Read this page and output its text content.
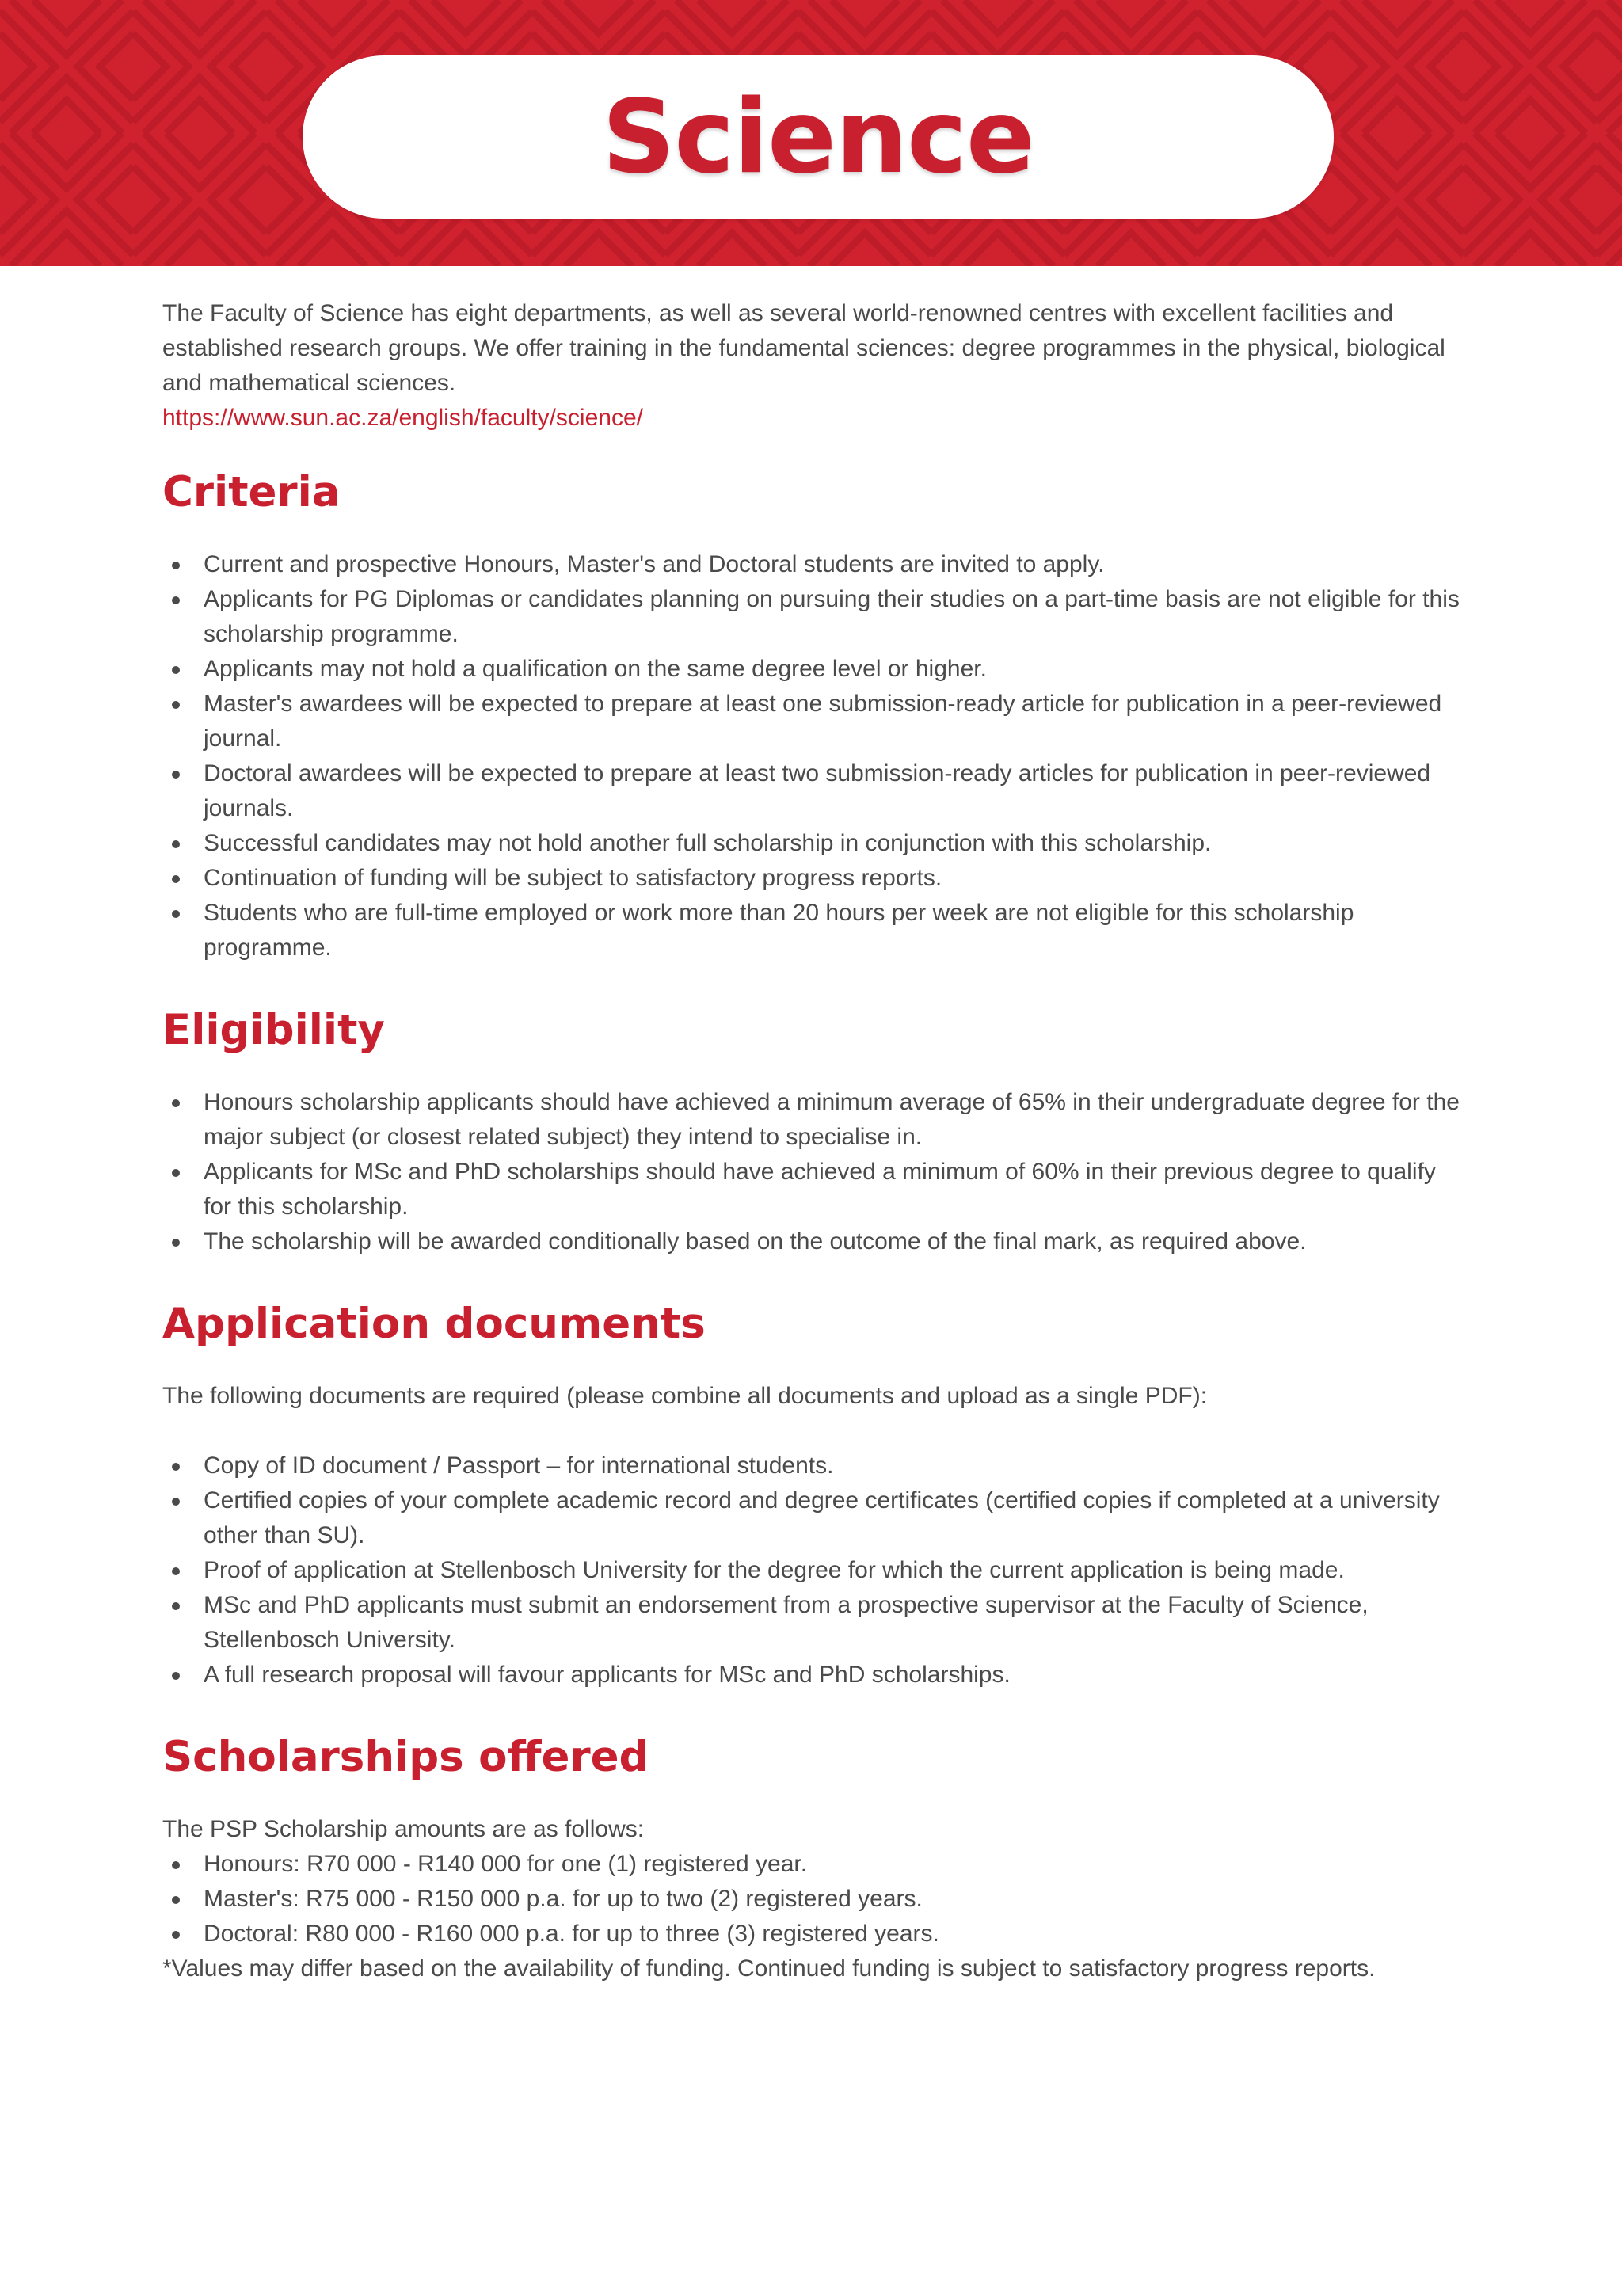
Science

The Faculty of Science has eight departments, as well as several world-renowned centres with excellent facilities and established research groups. We offer training in the fundamental sciences: degree programmes in the physical, biological and mathematical sciences.

https://www.sun.ac.za/english/faculty/science/
Criteria
Current and prospective Honours, Master's and Doctoral students are invited to apply.
Applicants for PG Diplomas or candidates planning on pursuing their studies on a part-time basis are not eligible for this scholarship programme.
Applicants may not hold a qualification on the same degree level or higher.
Master's awardees will be expected to prepare at least one submission-ready article for publication in a peer-reviewed journal.
Doctoral awardees will be expected to prepare at least two submission-ready articles for publication in peer-reviewed journals.
Successful candidates may not hold another full scholarship in conjunction with this scholarship.
Continuation of funding will be subject to satisfactory progress reports.
Students who are full-time employed or work more than 20 hours per week are not eligible for this scholarship programme.
Eligibility
Honours scholarship applicants should have achieved a minimum average of 65% in their undergraduate degree for the major subject (or closest related subject) they intend to specialise in.
Applicants for MSc and PhD scholarships should have achieved a minimum of 60% in their previous degree to qualify for this scholarship.
The scholarship will be awarded conditionally based on the outcome of the final mark, as required above.
Application documents

The following documents are required (please combine all documents and upload as a single PDF):

Copy of ID document / Passport – for international students.
Certified copies of your complete academic record and degree certificates (certified copies if completed at a university other than SU).
Proof of application at Stellenbosch University for the degree for which the current application is being made.
MSc and PhD applicants must submit an endorsement from a prospective supervisor at the Faculty of Science, Stellenbosch University.
A full research proposal will favour applicants for MSc and PhD scholarships.
Scholarships offered

The PSP Scholarship amounts are as follows:

Honours: R70 000 - R140 000 for one (1) registered year.
Master's: R75 000 - R150 000 p.a. for up to two (2) registered years.
Doctoral: R80 000 - R160 000 p.a. for up to three (3) registered years.

*Values may differ based on the availability of funding. Continued funding is subject to satisfactory progress reports.
